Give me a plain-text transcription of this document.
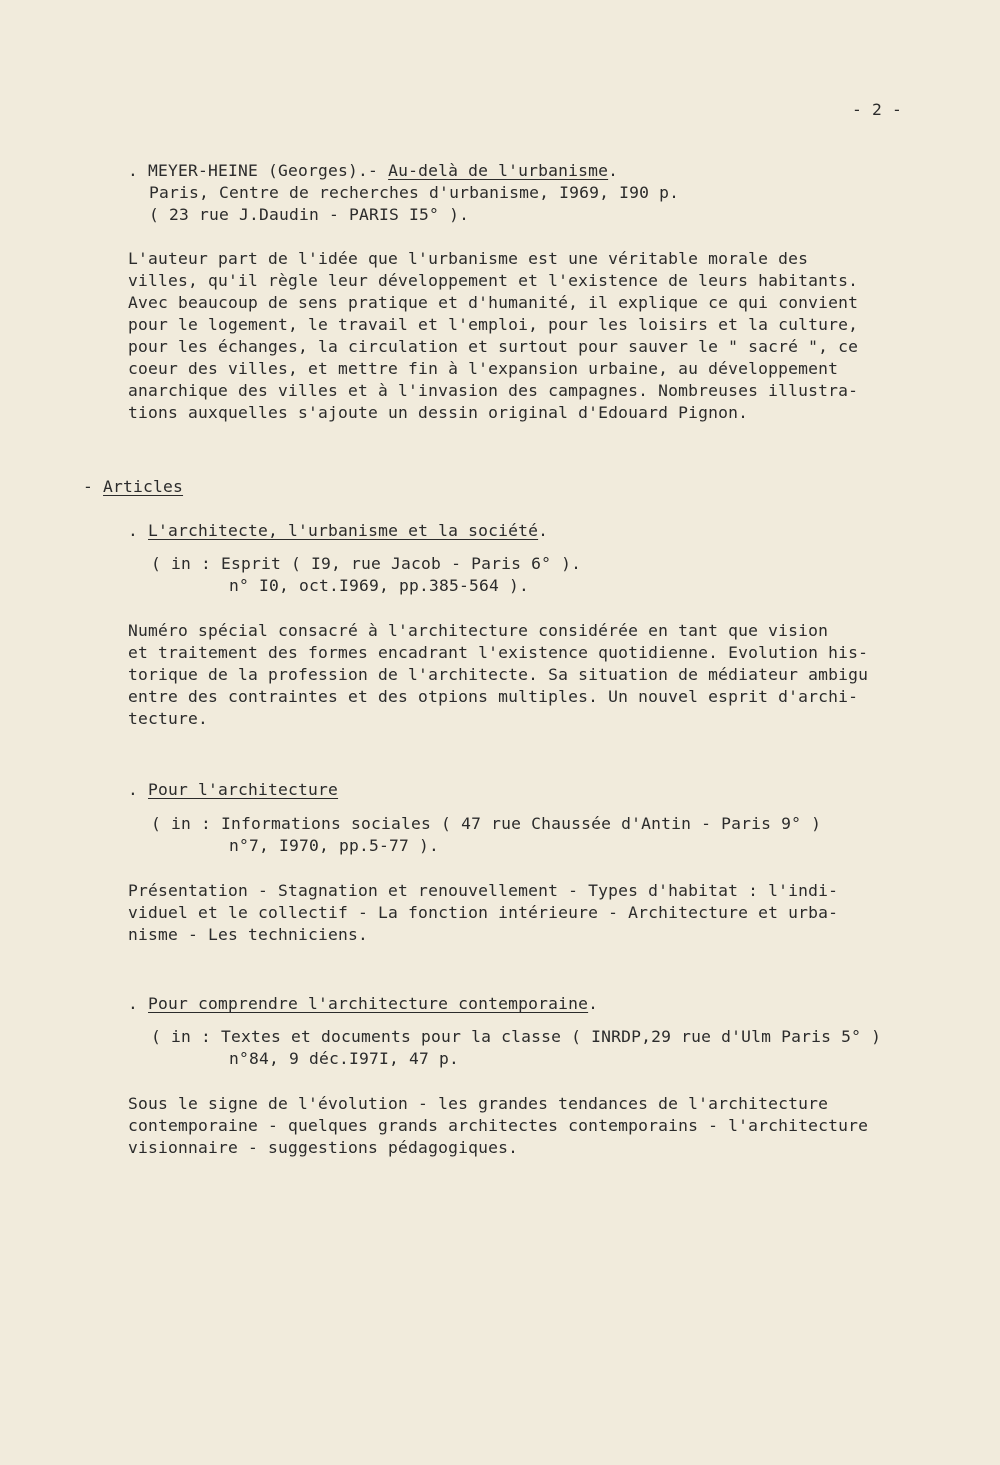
- 2 -

. MEYER-HEINE (Georges).- Au-delà de l'urbanisme.

Paris, Centre de recherches d'urbanisme, I969, I90 p.

( 23 rue J.Daudin - PARIS I5° ).

L'auteur part de l'idée que l'urbanisme est une véritable morale des

villes, qu'il règle leur développement et l'existence de leurs habitants.

Avec beaucoup de sens pratique et d'humanité, il explique ce qui convient

pour le logement, le travail et l'emploi, pour les loisirs et la culture,

pour les échanges, la circulation et surtout pour sauver le " sacré ", ce

coeur des villes, et mettre fin à l'expansion urbaine, au développement

anarchique des villes et à l'invasion des campagnes. Nombreuses illustra-

tions auxquelles s'ajoute un dessin original d'Edouard Pignon.

- Articles

. L'architecte, l'urbanisme et la société.

( in : Esprit ( I9, rue Jacob - Paris 6° ).

n° I0, oct.I969, pp.385-564 ).

Numéro spécial consacré à l'architecture considérée en tant que vision

et traitement des formes encadrant l'existence quotidienne. Evolution his-

torique de la profession de l'architecte. Sa situation de médiateur ambigu

entre des contraintes et des otpions multiples. Un nouvel esprit d'archi-

tecture.

. Pour l'architecture

( in : Informations sociales ( 47 rue Chaussée d'Antin - Paris 9° )

n°7, I970, pp.5-77 ).

Présentation - Stagnation et renouvellement - Types d'habitat : l'indi-

viduel et le collectif - La fonction intérieure - Architecture et urba-

nisme - Les techniciens.

. Pour comprendre l'architecture contemporaine.

( in : Textes et documents pour la classe ( INRDP,29 rue d'Ulm Paris 5° )

n°84, 9 déc.I97I, 47 p.

Sous le signe de l'évolution - les grandes tendances de l'architecture

contemporaine - quelques grands architectes contemporains - l'architecture

visionnaire - suggestions pédagogiques.
